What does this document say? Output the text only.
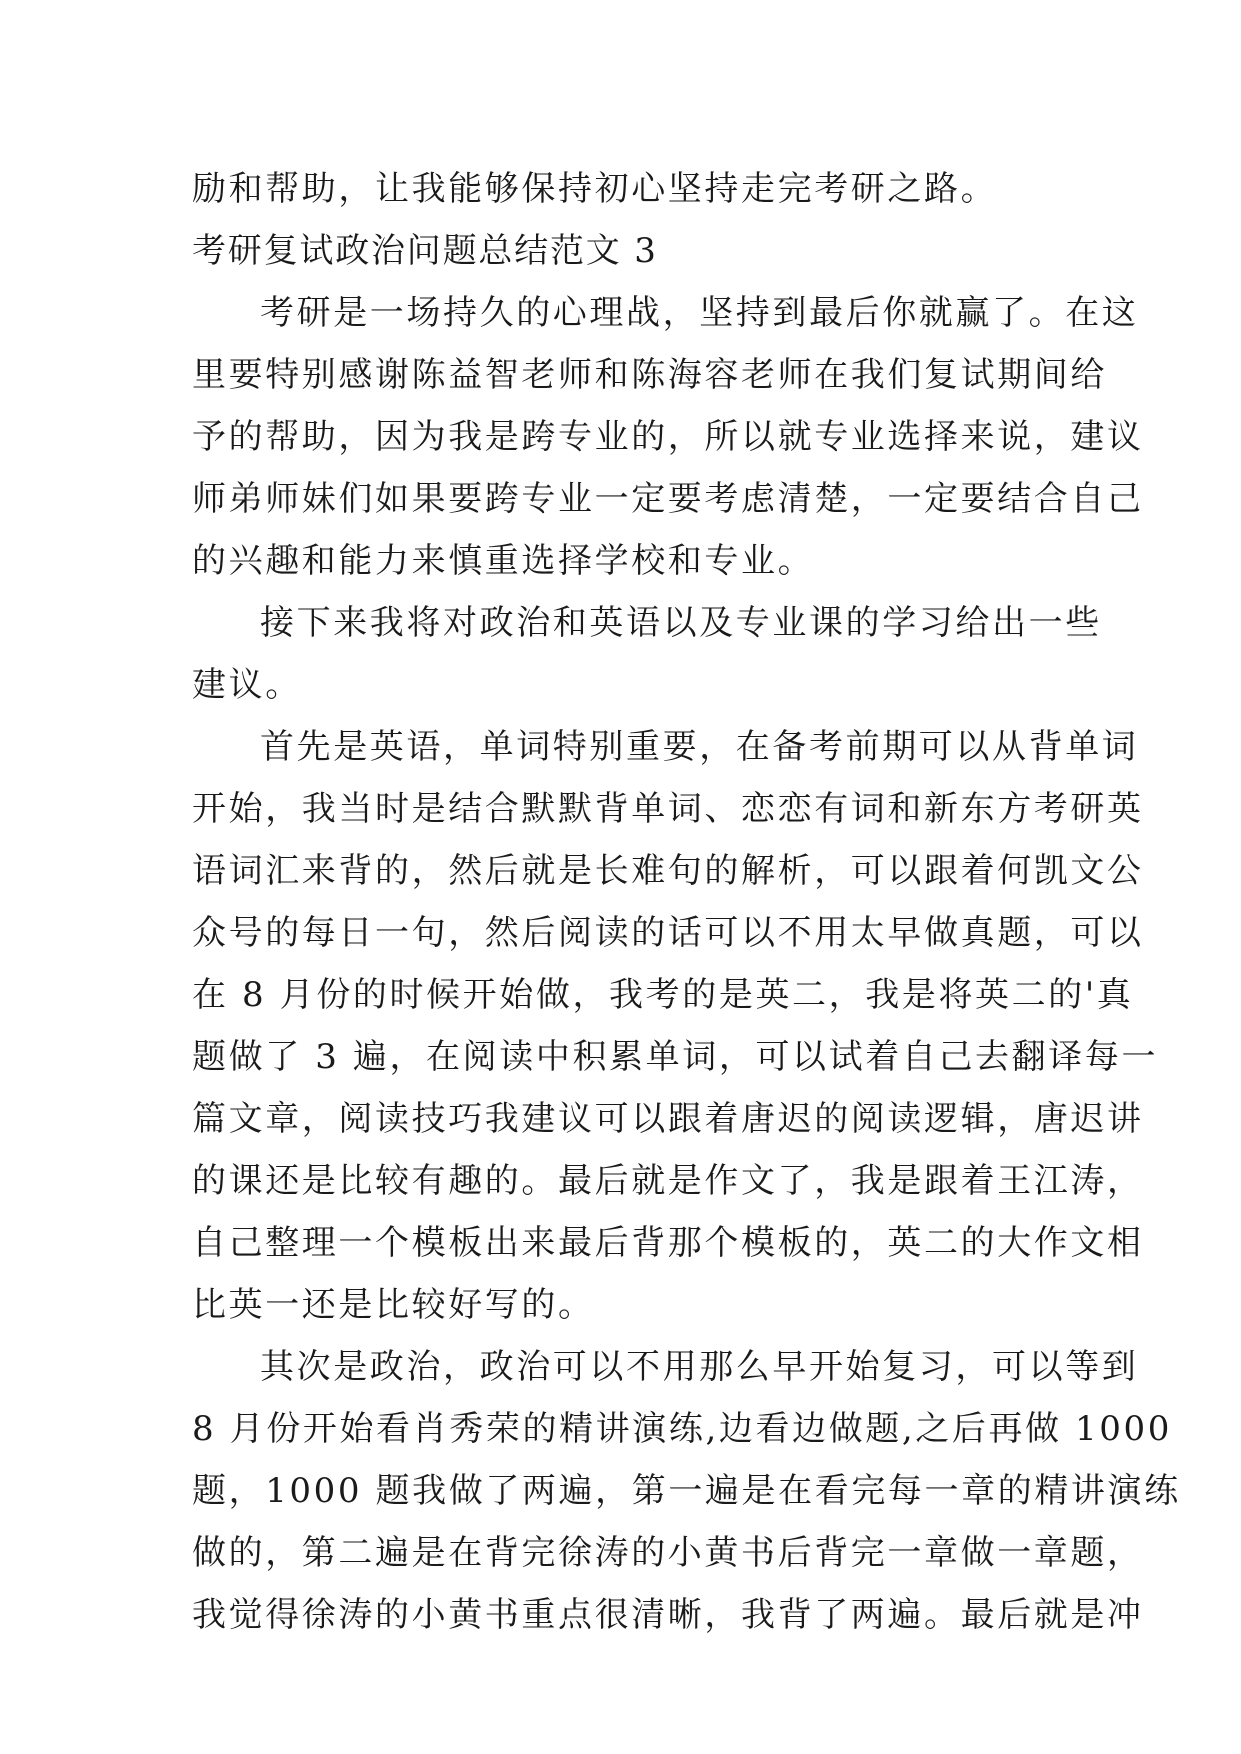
励和帮助，让我能够保持初心坚持走完考研之路。
考研复试政治问题总结范文 3
考研是一场持久的心理战，坚持到最后你就赢了。在这
里要特别感谢陈益智老师和陈海容老师在我们复试期间给
予的帮助，因为我是跨专业的，所以就专业选择来说，建议
师弟师妹们如果要跨专业一定要考虑清楚，一定要结合自己
的兴趣和能力来慎重选择学校和专业。
接下来我将对政治和英语以及专业课的学习给出一些
建议。
首先是英语，单词特别重要，在备考前期可以从背单词
开始，我当时是结合默默背单词、恋恋有词和新东方考研英
语词汇来背的，然后就是长难句的解析，可以跟着何凯文公
众号的每日一句，然后阅读的话可以不用太早做真题，可以
在 8 月份的时候开始做，我考的是英二，我是将英二的'真
题做了 3 遍，在阅读中积累单词，可以试着自己去翻译每一
篇文章，阅读技巧我建议可以跟着唐迟的阅读逻辑，唐迟讲
的课还是比较有趣的。最后就是作文了，我是跟着王江涛，
自己整理一个模板出来最后背那个模板的，英二的大作文相
比英一还是比较好写的。
其次是政治，政治可以不用那么早开始复习，可以等到
8 月份开始看肖秀荣的精讲演练,边看边做题,之后再做 1000
题，1000 题我做了两遍，第一遍是在看完每一章的精讲演练
做的，第二遍是在背完徐涛的小黄书后背完一章做一章题，
我觉得徐涛的小黄书重点很清晰，我背了两遍。最后就是冲
